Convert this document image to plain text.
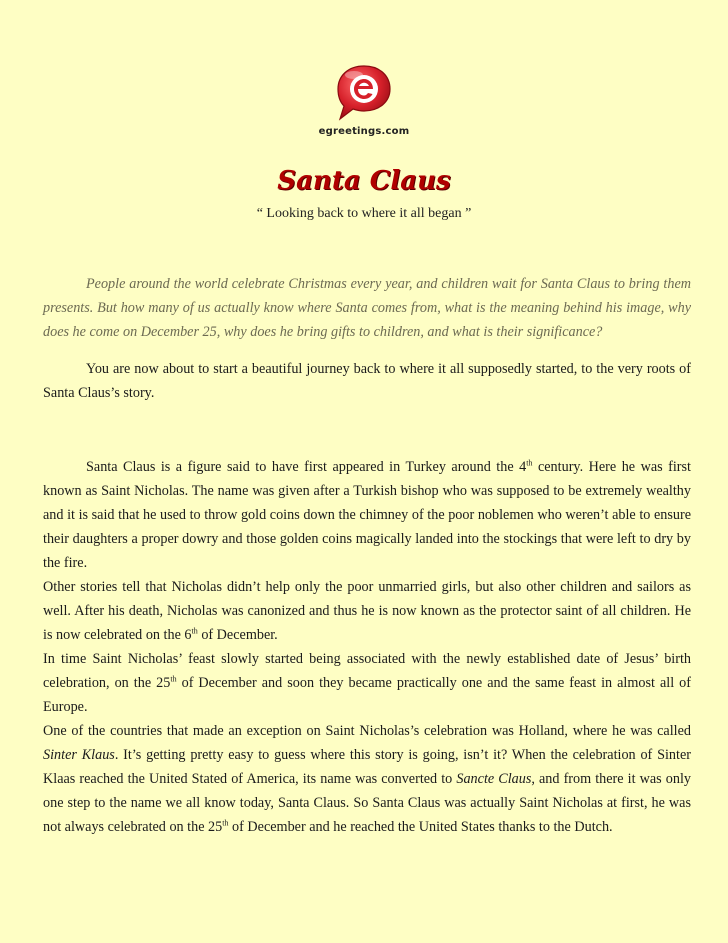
egreetings.com
Santa Claus
“ Looking back to where it all began ”

People around the world celebrate Christmas every year, and children wait for Santa Claus to bring them presents. But how many of us actually know where Santa comes from, what is the meaning behind his image, why does he come on December 25, why does he bring gifts to children, and what is their significance?

You are now about to start a beautiful journey back to where it all supposedly started, to the very roots of Santa Claus’s story.

Santa Claus is a figure said to have first appeared in Turkey around the 4th century. Here he was first known as Saint Nicholas. The name was given after a Turkish bishop who was supposed to be extremely wealthy and it is said that he used to throw gold coins down the chimney of the poor noblemen who weren’t able to ensure their daughters a proper dowry and those golden coins magically landed into the stockings that were left to dry by the fire.

Other stories tell that Nicholas didn’t help only the poor unmarried girls, but also other children and sailors as well. After his death, Nicholas was canonized and thus he is now known as the protector saint of all children. He is now celebrated on the 6th of December.

In time Saint Nicholas’ feast slowly started being associated with the newly established date of Jesus’ birth celebration, on the 25th of December and soon they became practically one and the same feast in almost all of Europe.

One of the countries that made an exception on Saint Nicholas’s celebration was Holland, where he was called Sinter Klaus. It’s getting pretty easy to guess where this story is going, isn’t it? When the celebration of Sinter Klaas reached the United Stated of America, its name was converted to Sancte Claus, and from there it was only one step to the name we all know today, Santa Claus. So Santa Claus was actually Saint Nicholas at first, he was not always celebrated on the 25th of December and he reached the United States thanks to the Dutch.
